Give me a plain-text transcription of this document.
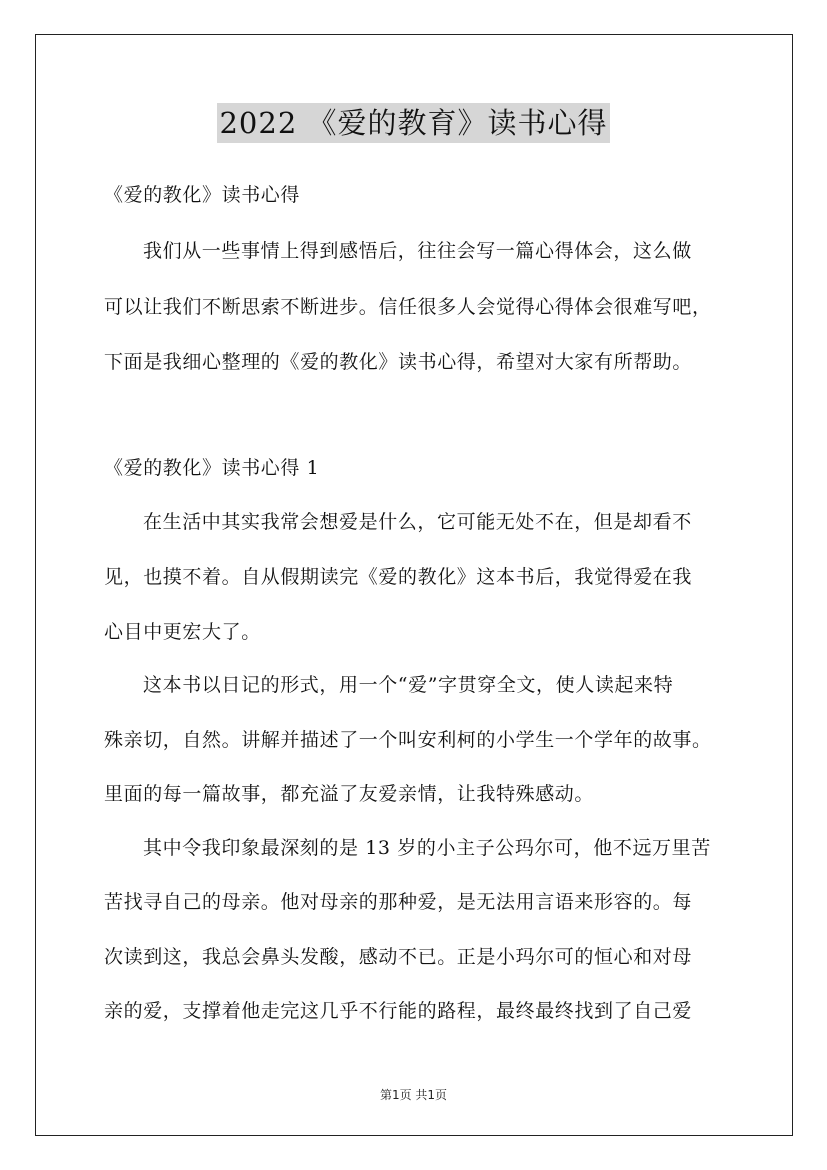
2022 《爱的教育》读书心得
《爱的教化》读书心得
我们从一些事情上得到感悟后，往往会写一篇心得体会，这么做
可以让我们不断思索不断进步。信任很多人会觉得心得体会很难写吧，
下面是我细心整理的《爱的教化》读书心得，希望对大家有所帮助。
《爱的教化》读书心得 1
在生活中其实我常会想爱是什么，它可能无处不在，但是却看不
见，也摸不着。自从假期读完《爱的教化》这本书后，我觉得爱在我
心目中更宏大了。
这本书以日记的形式，用一个“爱”字贯穿全文，使人读起来特
殊亲切，自然。讲解并描述了一个叫安利柯的小学生一个学年的故事。
里面的每一篇故事，都充溢了友爱亲情，让我特殊感动。
其中令我印象最深刻的是 13 岁的小主子公玛尔可，他不远万里苦
苦找寻自己的母亲。他对母亲的那种爱，是无法用言语来形容的。每
次读到这，我总会鼻头发酸，感动不已。正是小玛尔可的恒心和对母
亲的爱，支撑着他走完这几乎不行能的路程，最终最终找到了自己爱
第1页 共1页
